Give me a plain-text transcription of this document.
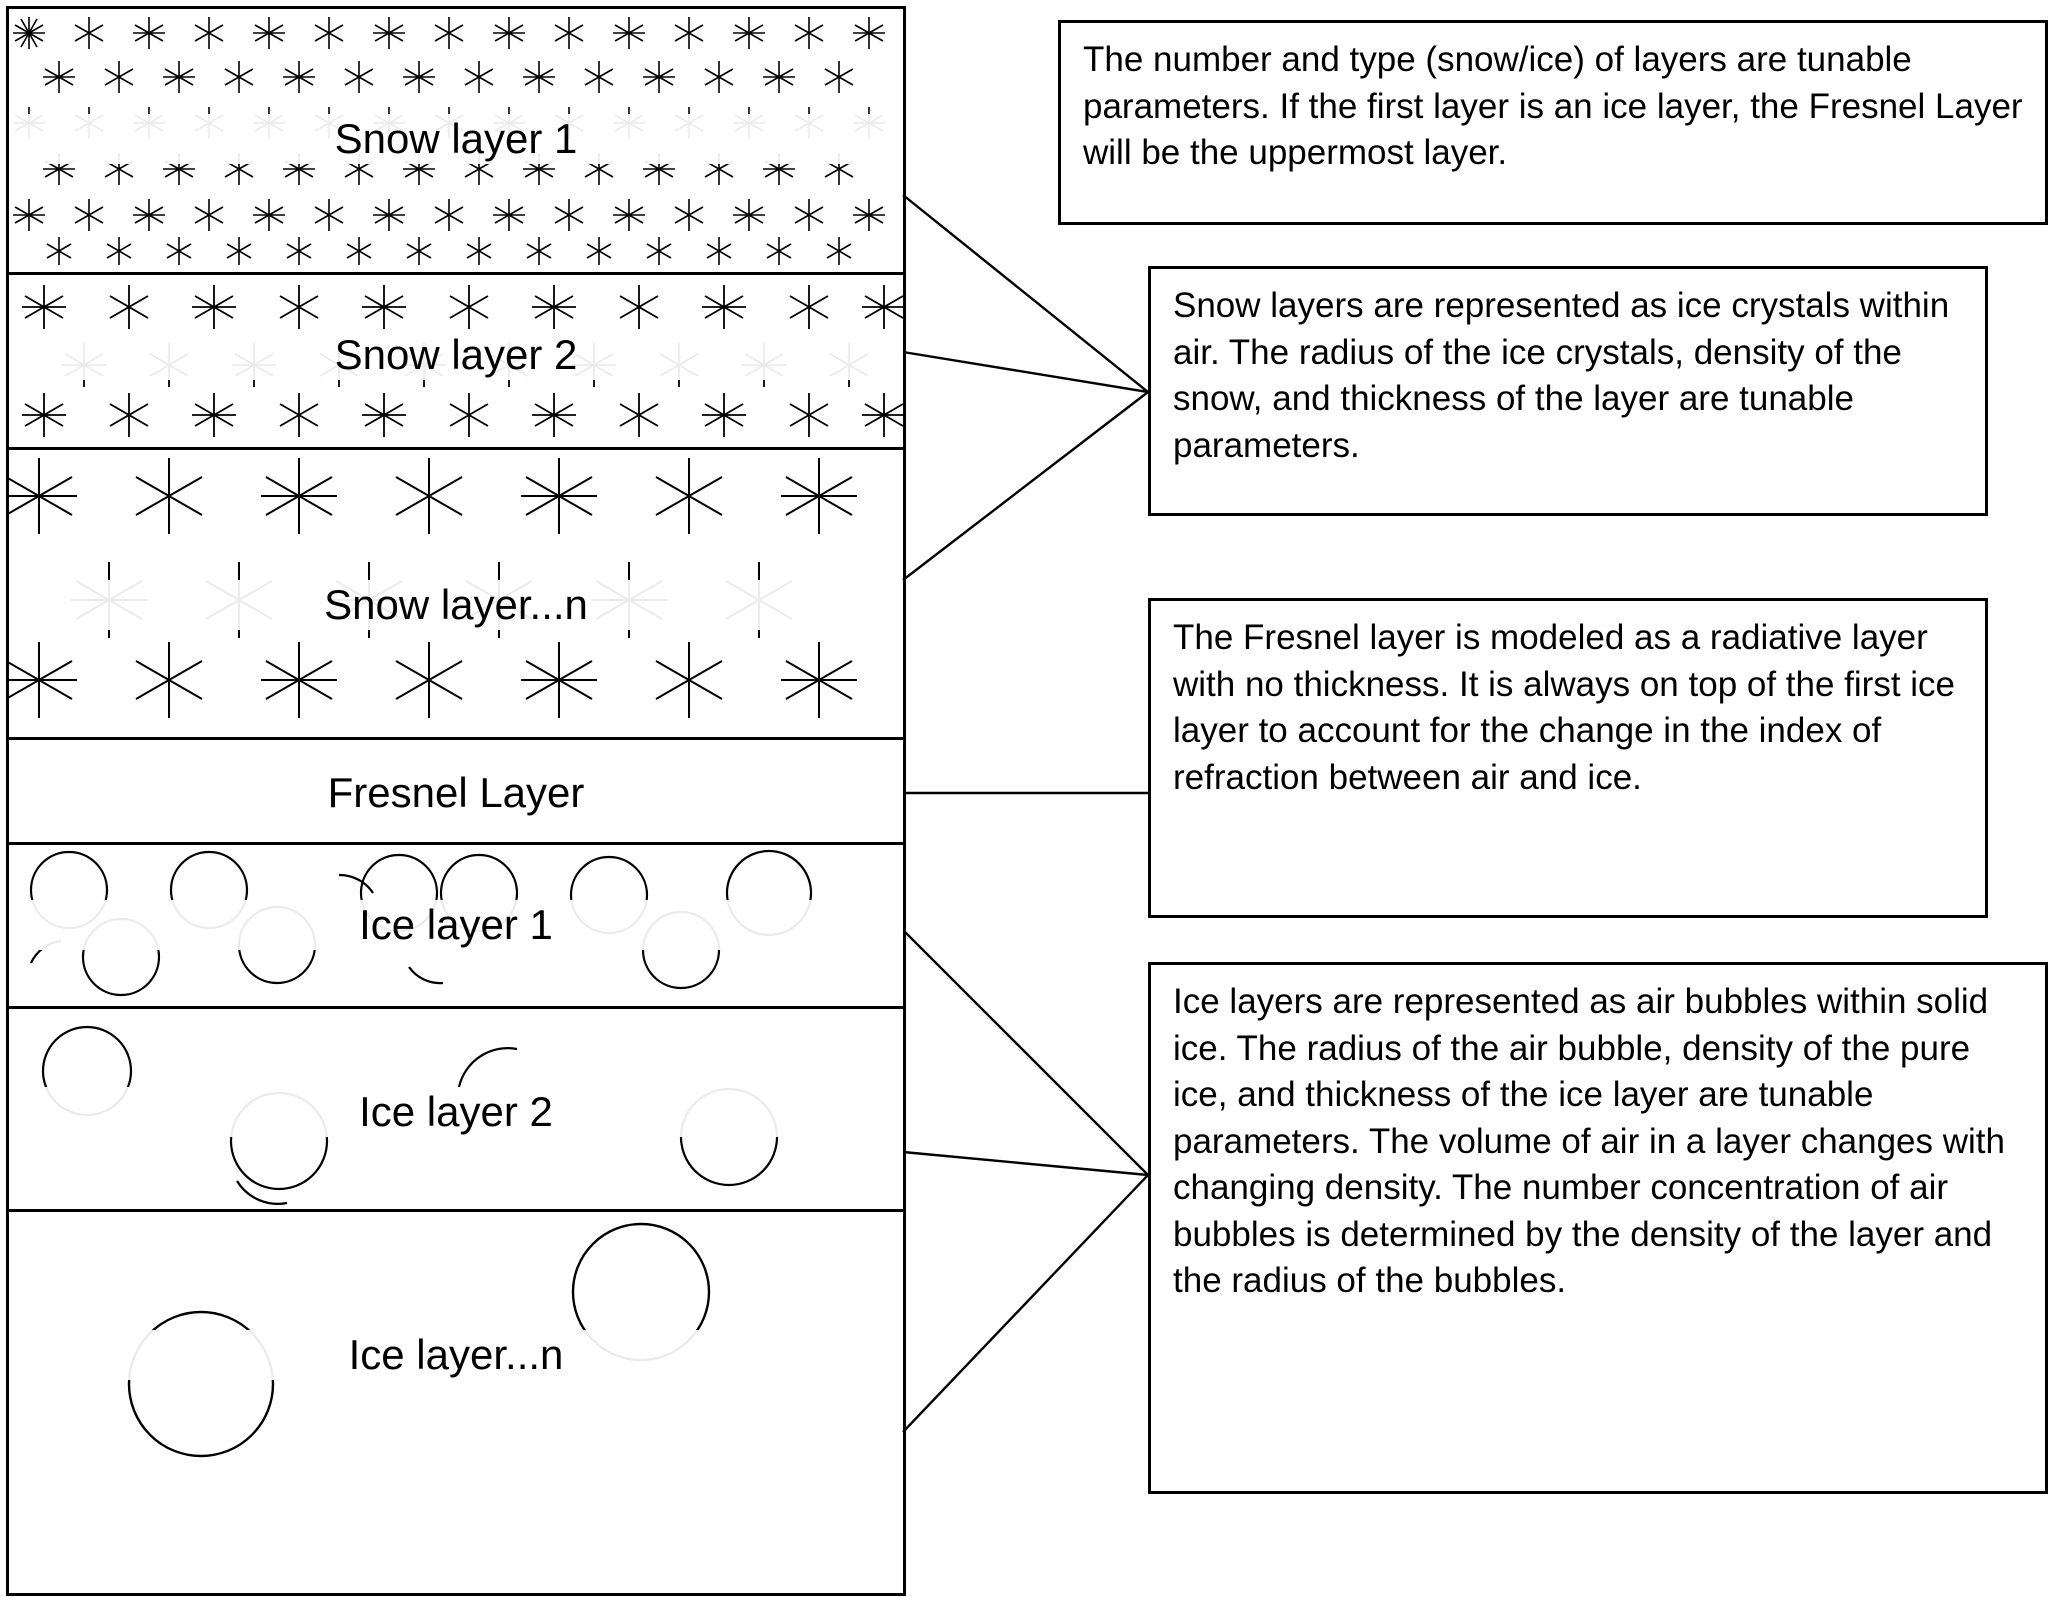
Snow layer 1
Snow layer 2
Snow layer...n
Fresnel Layer
Ice layer 1
Ice layer 2
Ice layer...n
The number and type (snow/ice) of layers are tunable parameters. If the first layer is an ice layer, the Fresnel Layer will be the uppermost layer.
Snow layers are represented as ice crystals within air. The radius of the ice crystals, density of the snow, and thickness of the layer are tunable parameters.
The Fresnel layer is modeled as a radiative layer with no thickness. It is always on top of the first ice layer to account for the change in the index of refraction between air and ice.
Ice layers are represented as air bubbles within solid ice. The radius of the air bubble, density of the pure ice, and thickness of the ice layer are tunable parameters. The volume of air in a layer changes with changing density. The number concentration of air bubbles is determined by the density of the layer and the radius of the bubbles.
